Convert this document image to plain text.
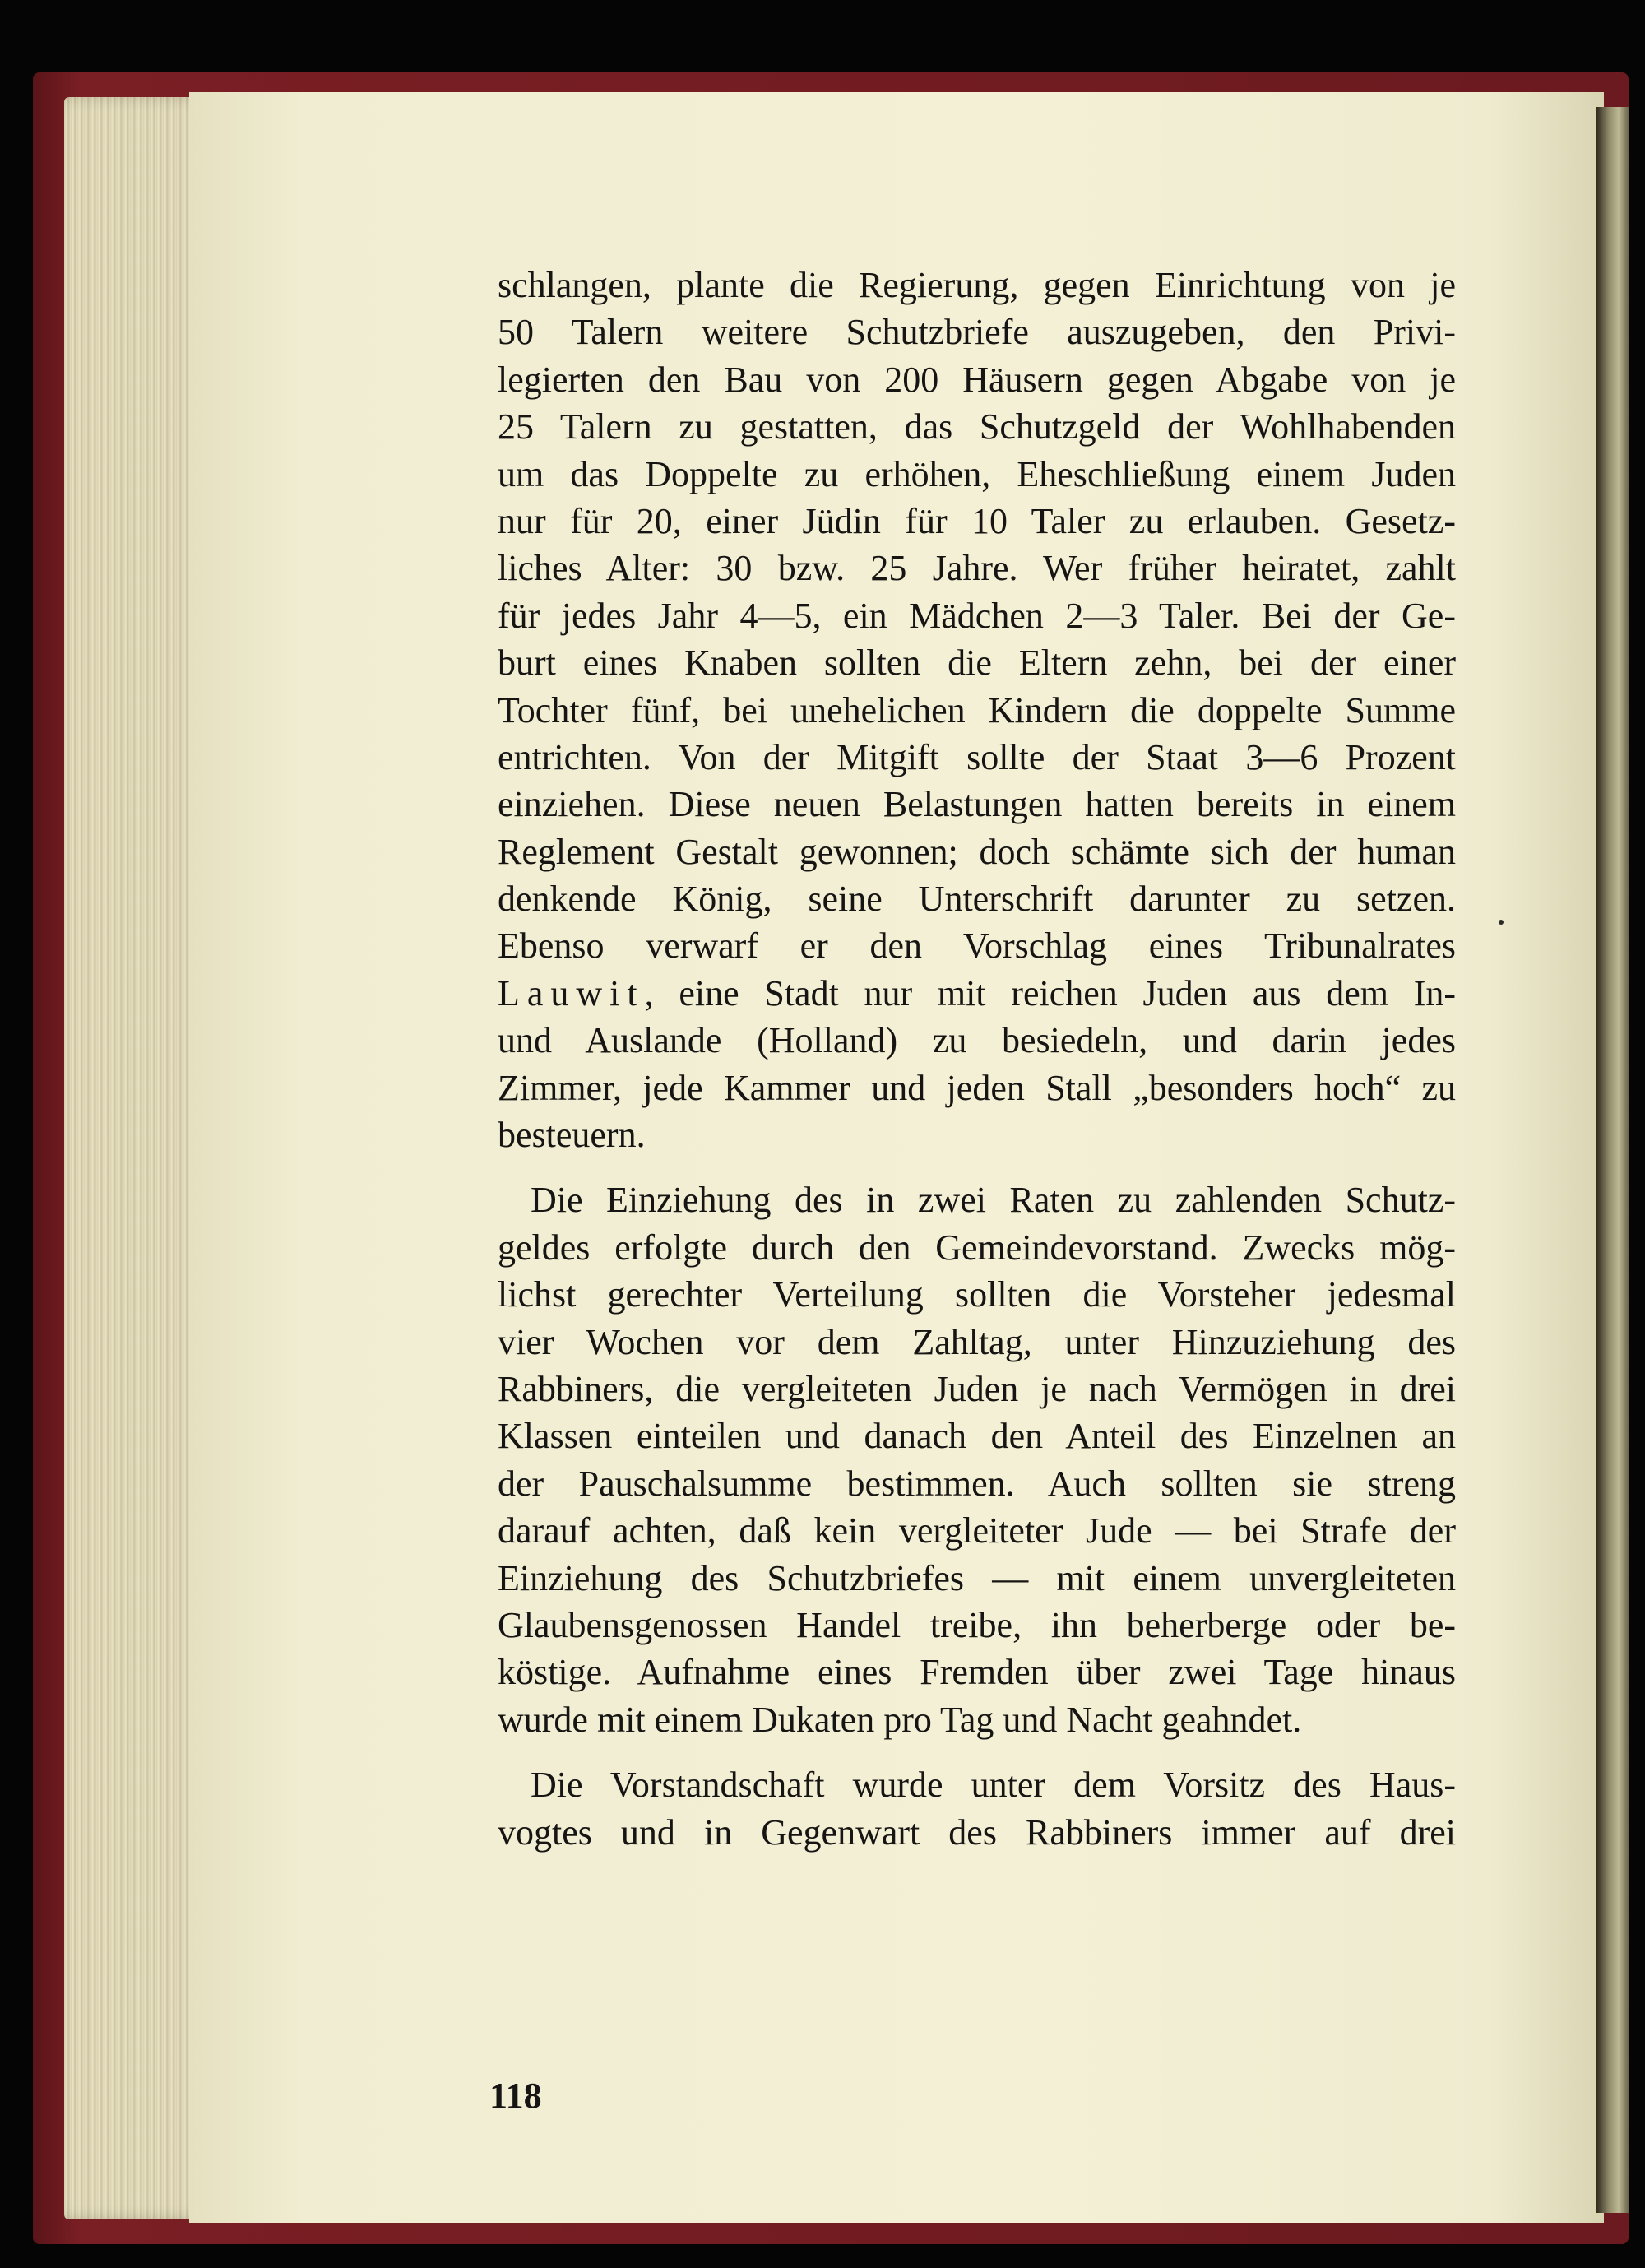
schlangen, plante die Regierung, gegen Einrichtung von je
50 Talern weitere Schutzbriefe auszugeben, den Privi-
legierten den Bau von 200 Häusern gegen Abgabe von je
25 Talern zu gestatten, das Schutzgeld der Wohlhabenden
um das Doppelte zu erhöhen, Eheschließung einem Juden
nur für 20, einer Jüdin für 10 Taler zu erlauben. Gesetz-
liches Alter: 30 bzw. 25 Jahre. Wer früher heiratet, zahlt
für jedes Jahr 4—5, ein Mädchen 2—3 Taler. Bei der Ge-
burt eines Knaben sollten die Eltern zehn, bei der einer
Tochter fünf, bei unehelichen Kindern die doppelte Summe
entrichten. Von der Mitgift sollte der Staat 3—6 Prozent
einziehen. Diese neuen Belastungen hatten bereits in einem
Reglement Gestalt gewonnen; doch schämte sich der human
denkende König, seine Unterschrift darunter zu setzen.
Ebenso verwarf er den Vorschlag eines Tribunalrates
Lauwit, eine Stadt nur mit reichen Juden aus dem In-
und Auslande (Holland) zu besiedeln, und darin jedes
Zimmer, jede Kammer und jeden Stall „besonders hoch“ zu
besteuern.
Die Einziehung des in zwei Raten zu zahlenden Schutz-
geldes erfolgte durch den Gemeindevorstand. Zwecks mög-
lichst gerechter Verteilung sollten die Vorsteher jedesmal
vier Wochen vor dem Zahltag, unter Hinzuziehung des
Rabbiners, die vergleiteten Juden je nach Vermögen in drei
Klassen einteilen und danach den Anteil des Einzelnen an
der Pauschalsumme bestimmen. Auch sollten sie streng
darauf achten, daß kein vergleiteter Jude — bei Strafe der
Einziehung des Schutzbriefes — mit einem unvergleiteten
Glaubensgenossen Handel treibe, ihn beherberge oder be-
köstige. Aufnahme eines Fremden über zwei Tage hinaus
wurde mit einem Dukaten pro Tag und Nacht geahndet.
Die Vorstandschaft wurde unter dem Vorsitz des Haus-
vogtes und in Gegenwart des Rabbiners immer auf drei
118
